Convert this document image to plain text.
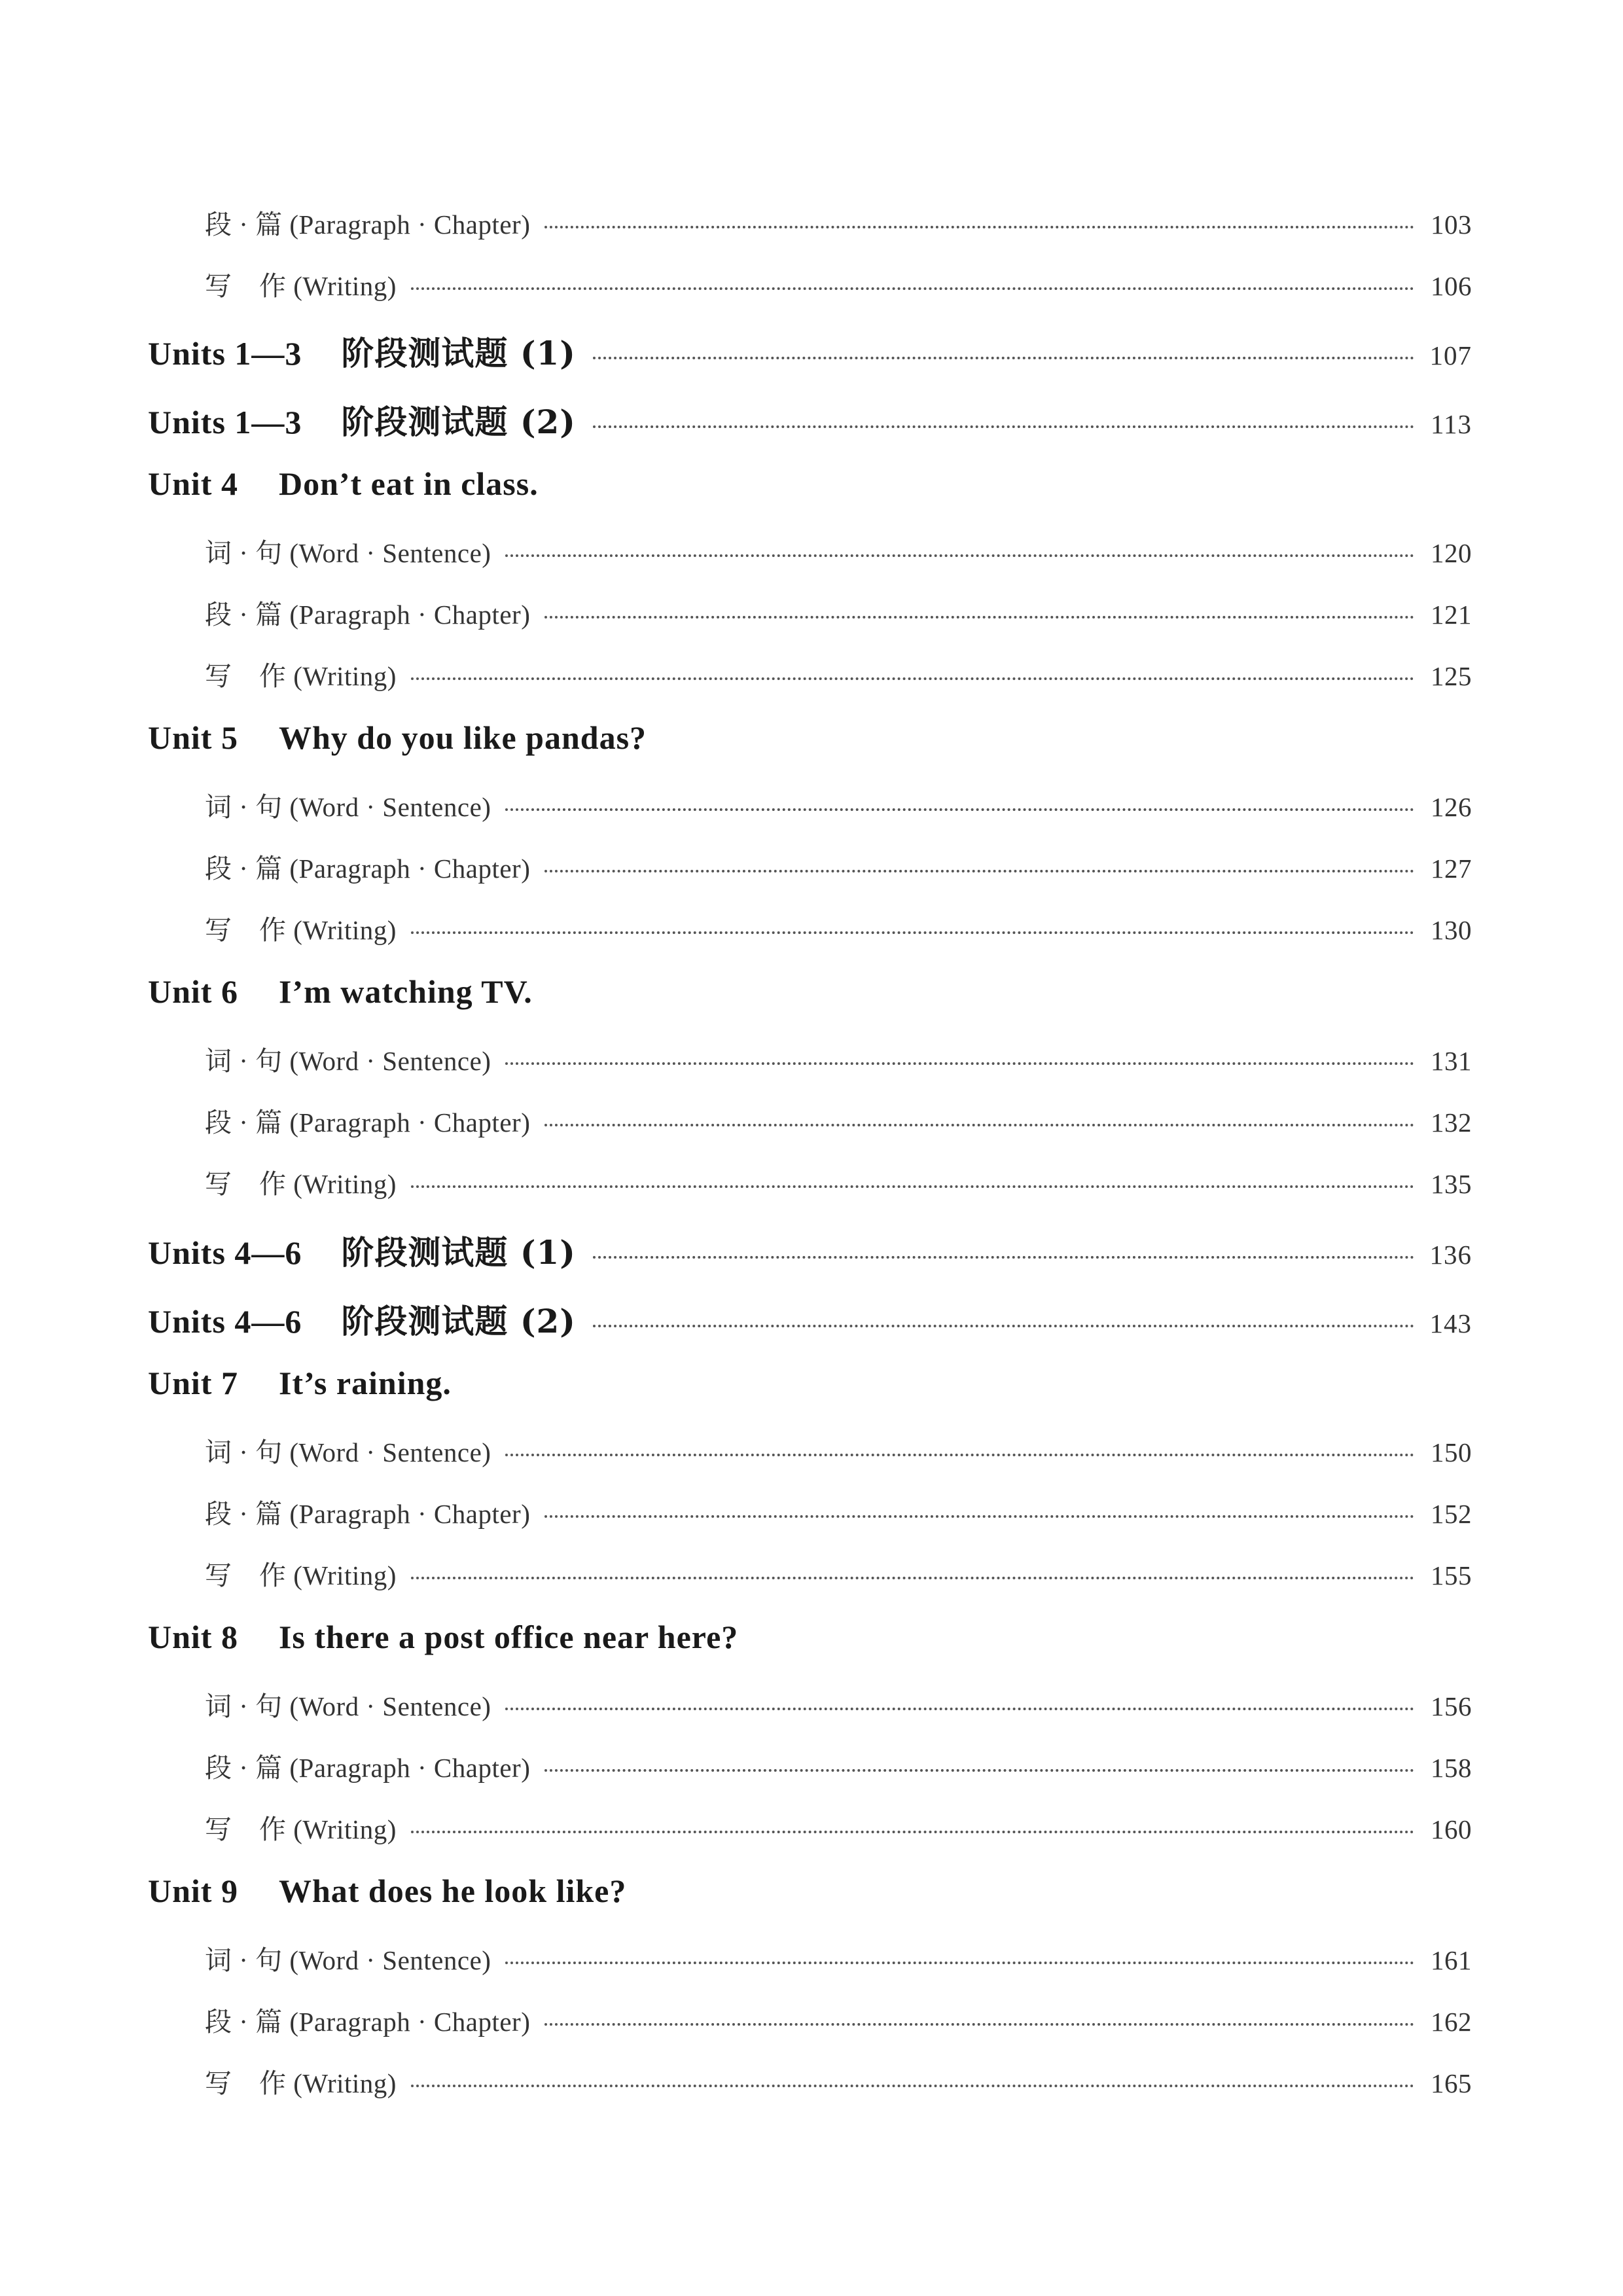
段 · 篇 (Paragraph · Chapter)	103
写　作 (Writing)	106
Units 1—3 阶段测试题 (1)	107
Units 1—3 阶段测试题 (2)	113
Unit 4 Don’t eat in class.
词 · 句 (Word · Sentence)	120
段 · 篇 (Paragraph · Chapter)	121
写　作 (Writing)	125
Unit 5 Why do you like pandas?
词 · 句 (Word · Sentence)	126
段 · 篇 (Paragraph · Chapter)	127
写　作 (Writing)	130
Unit 6 I’m watching TV.
词 · 句 (Word · Sentence)	131
段 · 篇 (Paragraph · Chapter)	132
写　作 (Writing)	135
Units 4—6 阶段测试题 (1)	136
Units 4—6 阶段测试题 (2)	143
Unit 7 It’s raining.
词 · 句 (Word · Sentence)	150
段 · 篇 (Paragraph · Chapter)	152
写　作 (Writing)	155
Unit 8 Is there a post office near here?
词 · 句 (Word · Sentence)	156
段 · 篇 (Paragraph · Chapter)	158
写　作 (Writing)	160
Unit 9 What does he look like?
词 · 句 (Word · Sentence)	161
段 · 篇 (Paragraph · Chapter)	162
写　作 (Writing)	165
